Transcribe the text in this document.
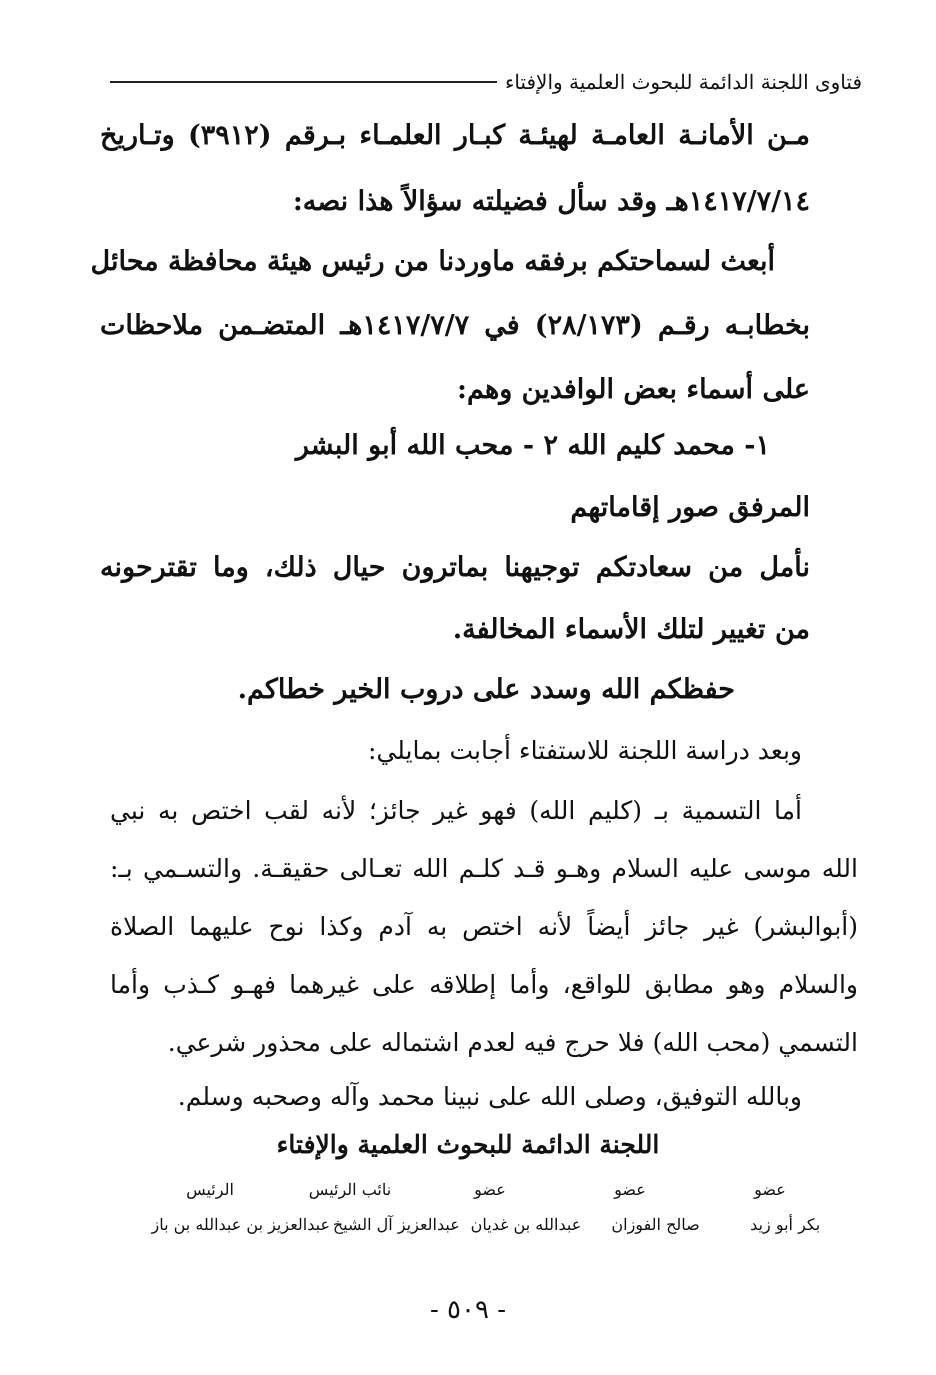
فتاوى اللجنة الدائمة للبحوث العلمية والإفتاء
مـن الأمانـة العامـة لهيئـة كبـار العلمـاء بـرقم (٣٩١٢) وتـاريخ
١٤١٧/٧/١٤هـ وقد سأل فضيلته سؤالاً هذا نصه:
أبعث لسماحتكم برفقه ماوردنا من رئيس هيئة محافظة محائل
بخطابـه رقـم (٢٨/١٧٣) في ١٤١٧/٧/٧هـ المتضـمن ملاحظات
على أسماء بعض الوافدين وهم:
١- محمد كليم الله ٢ - محب الله أبو البشر
المرفق صور إقاماتهم
نأمل من سعادتكم توجيهنا بماترون حيال ذلك، وما تقترحونه
من تغيير لتلك الأسماء المخالفة.
حفظكم الله وسدد على دروب الخير خطاكم.
وبعد دراسة اللجنة للاستفتاء أجابت بمايلي:
أما التسمية بـ (كليم الله) فهو غير جائز؛ لأنه لقب اختص به نبي
الله موسى عليه السلام وهـو قـد كلـم الله تعـالى حقيقـة. والتسـمي بـ:
(أبوالبشر) غير جائز أيضاً لأنه اختص به آدم وكذا نوح عليهما الصلاة
والسلام وهو مطابق للواقع، وأما إطلاقه على غيرهما فهـو كـذب وأما
التسمي (محب الله) فلا حرج فيه لعدم اشتماله على محذور شرعي.
وبالله التوفيق، وصلى الله على نبينا محمد وآله وصحبه وسلم.
اللجنة الدائمة للبحوث العلمية والإفتاء
عضو
عضو
عضو
نائب الرئيس
الرئيس
بكر أبو زيد
صالح الفوزان
عبدالله بن غديان
عبدالعزيز آل الشيخ
عبدالعزيز بن عبدالله بن باز
- ٥٠٩ -
